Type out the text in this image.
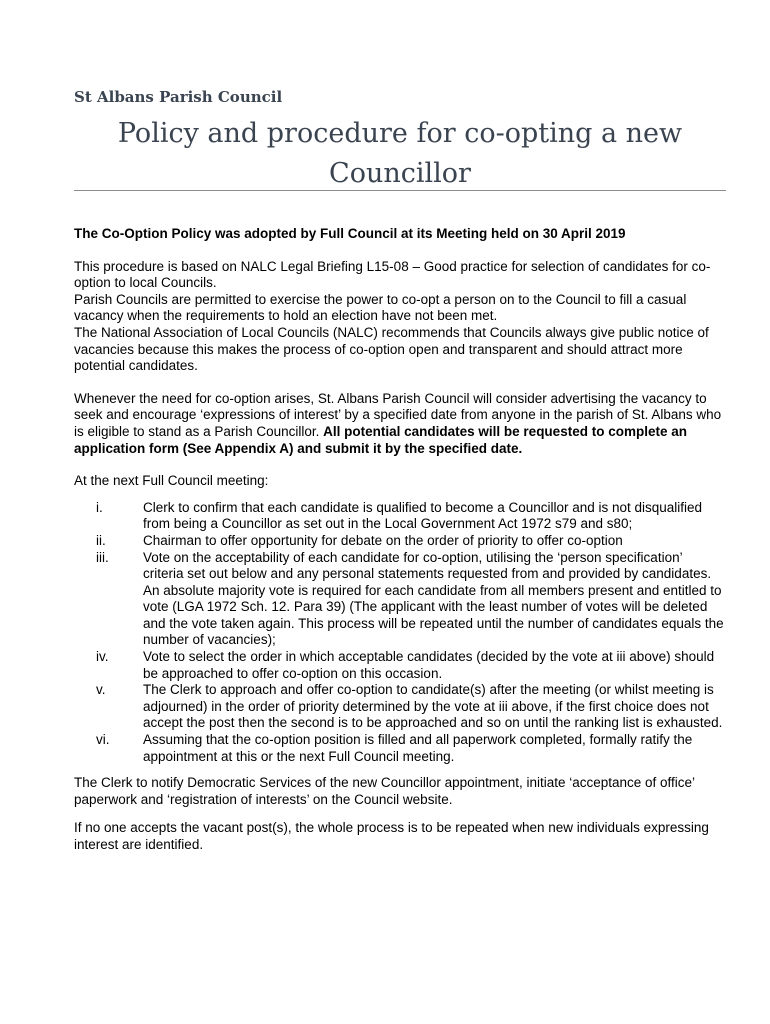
St Albans Parish Council
Policy and procedure for co-opting a new
Councillor

The Co-Option Policy was adopted by Full Council at its Meeting held on 30 April 2019

This procedure is based on NALC Legal Briefing L15-08 – Good practice for selection of candidates for co-option to local Councils.

Parish Councils are permitted to exercise the power to co-opt a person on to the Council to fill a casual vacancy when the requirements to hold an election have not been met.

The National Association of Local Councils (NALC) recommends that Councils always give public notice of vacancies because this makes the process of co-option open and transparent and should attract more potential candidates.

Whenever the need for co-option arises, St. Albans Parish Council will consider advertising the vacancy to seek and encourage ‘expressions of interest’ by a specified date from anyone in the parish of St. Albans who is eligible to stand as a Parish Councillor. All potential candidates will be requested to complete an application form (See Appendix A) and submit it by the specified date.

At the next Full Council meeting:

i.	Clerk to confirm that each candidate is qualified to become a Councillor and is not disqualified from being a Councillor as set out in the Local Government Act 1972 s79 and s80;
ii.	Chairman to offer opportunity for debate on the order of priority to offer co-option
iii.	Vote on the acceptability of each candidate for co-option, utilising the ‘person specification’ criteria set out below and any personal statements requested from and provided by candidates. An absolute majority vote is required for each candidate from all members present and entitled to vote (LGA 1972 Sch. 12. Para 39) (The applicant with the least number of votes will be deleted and the vote taken again. This process will be repeated until the number of candidates equals the number of vacancies);
iv.	Vote to select the order in which acceptable candidates (decided by the vote at iii above) should be approached to offer co-option on this occasion.
v.	The Clerk to approach and offer co-option to candidate(s) after the meeting (or whilst meeting is adjourned) in the order of priority determined by the vote at iii above, if the first choice does not accept the post then the second is to be approached and so on until the ranking list is exhausted.
vi. Assuming that the co-option position is filled and all paperwork completed, formally ratify the appointment at this or the next Full Council meeting.

The Clerk to notify Democratic Services of the new Councillor appointment, initiate ‘acceptance of office’ paperwork and ‘registration of interests’ on the Council website.

If no one accepts the vacant post(s), the whole process is to be repeated when new individuals expressing interest are identified.
